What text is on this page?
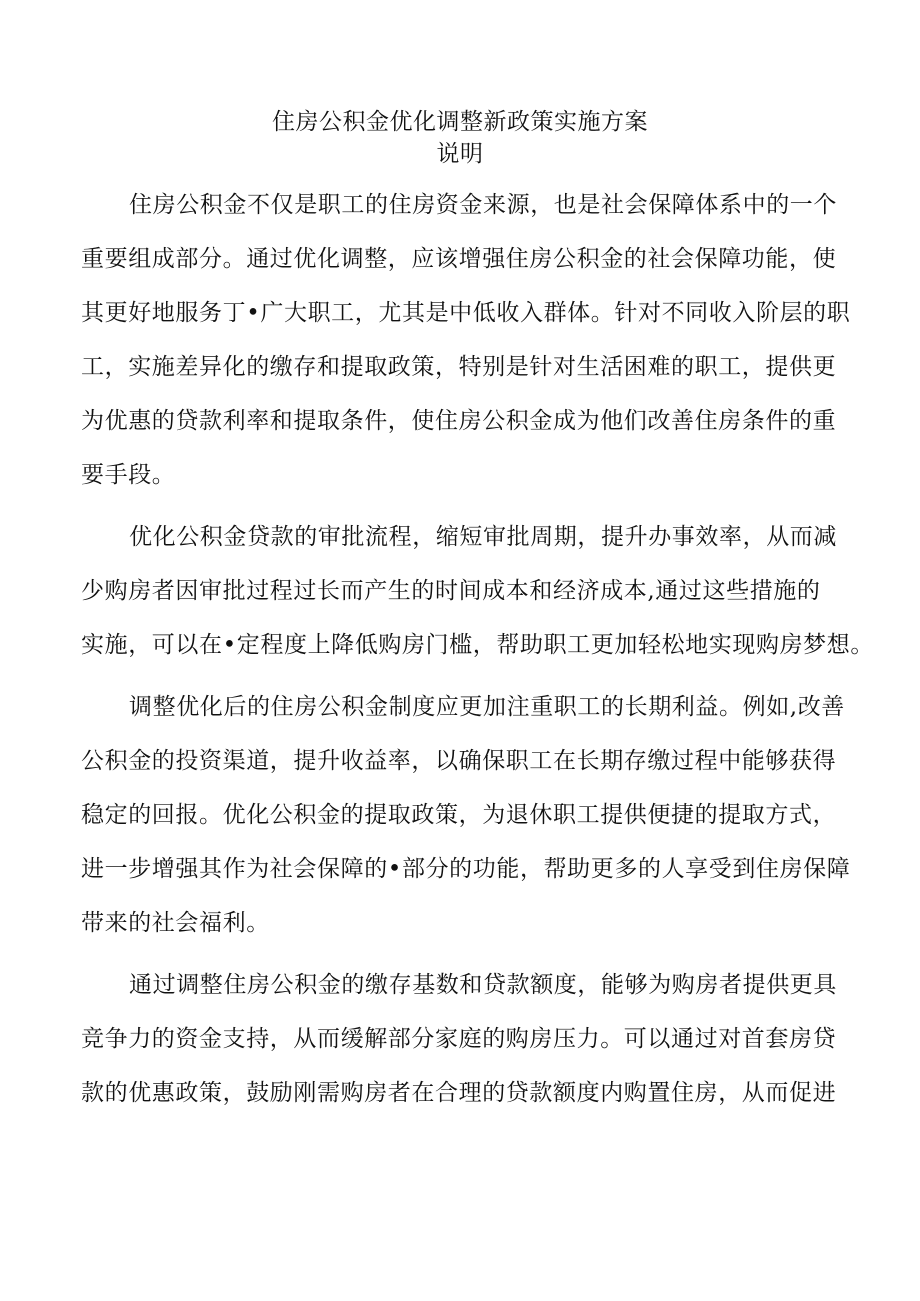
住房公积金优化调整新政策实施方案
说明
住房公积金不仅是职工的住房资金来源，也是社会保障体系中的一个
重要组成部分。通过优化调整，应该增强住房公积金的社会保障功能，使
其更好地服务丁•广大职工，尤其是中低收入群体。针对不同收入阶层的职
工，实施差异化的缴存和提取政策，特别是针对生活困难的职工，提供更
为优惠的贷款利率和提取条件，使住房公积金成为他们改善住房条件的重
要手段。
优化公积金贷款的审批流程，缩短审批周期，提升办事效率，从而减
少购房者因审批过程过长而产生的时间成本和经济成本,通过这些措施的
实施，可以在•定程度上降低购房门槛，帮助职工更加轻松地实现购房梦想。
调整优化后的住房公积金制度应更加注重职工的长期利益。例如,改善
公积金的投资渠道，提升收益率，以确保职工在长期存缴过程中能够获得
稳定的回报。优化公积金的提取政策，为退休职工提供便捷的提取方式，
进一步增强其作为社会保障的•部分的功能，帮助更多的人享受到住房保障
带来的社会福利。
通过调整住房公积金的缴存基数和贷款额度，能够为购房者提供更具
竞争力的资金支持，从而缓解部分家庭的购房压力。可以通过对首套房贷
款的优惠政策，鼓励刚需购房者在合理的贷款额度内购置住房，从而促进
